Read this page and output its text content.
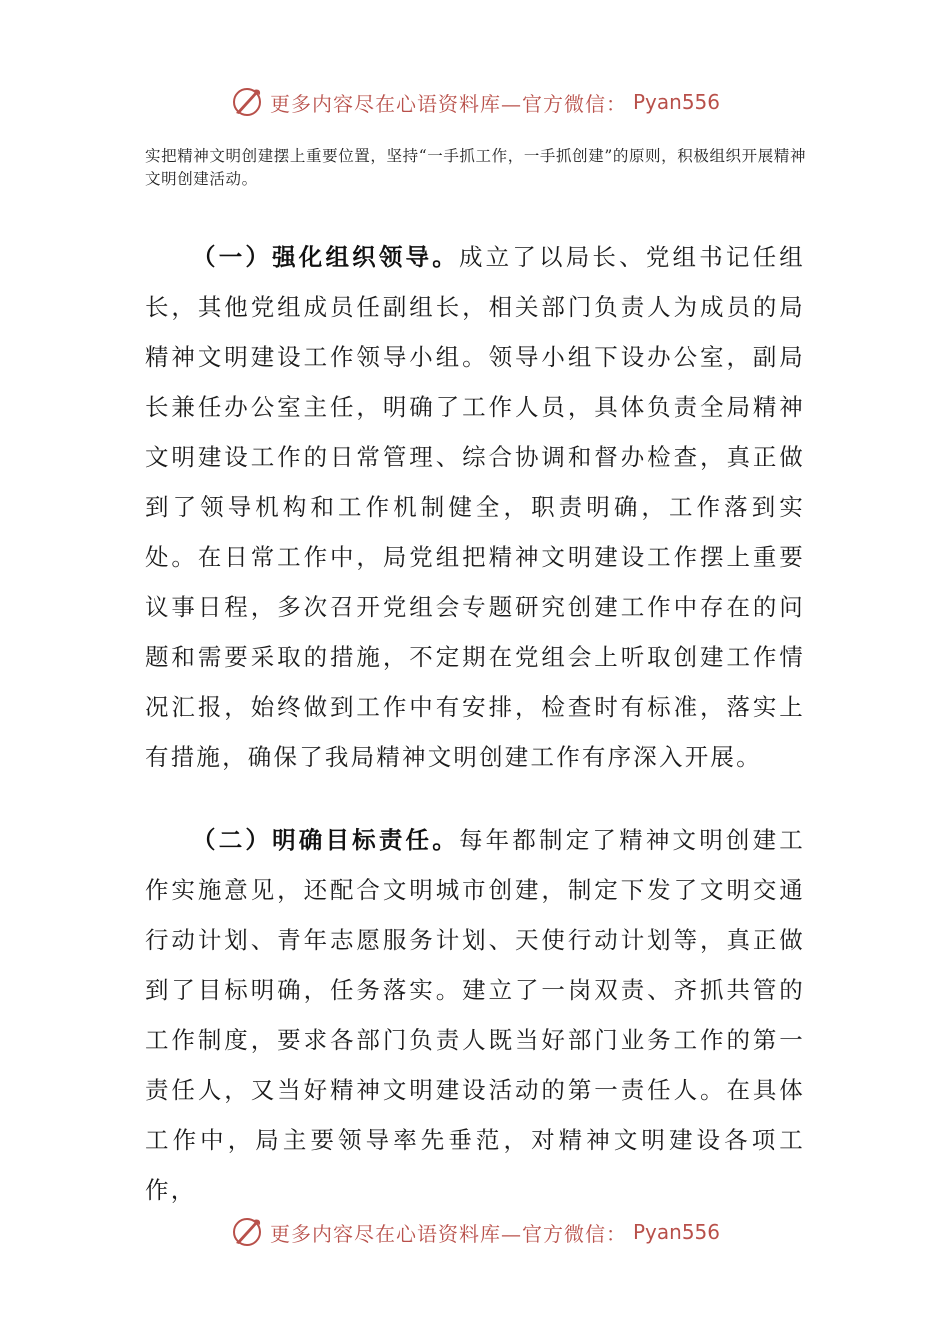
更多内容尽在心语资料库—官方微信： Pyan556
实把精神文明创建摆上重要位置，坚持“一手抓工作，一手抓创建”的原则，积极组织开展精神文明创建活动。
（一）强化组织领导。成立了以局长、党组书记任组长，其他党组成员任副组长，相关部门负责人为成员的局精神文明建设工作领导小组。领导小组下设办公室，副局长兼任办公室主任，明确了工作人员，具体负责全局精神文明建设工作的日常管理、综合协调和督办检查，真正做到了领导机构和工作机制健全，职责明确，工作落到实处。在日常工作中，局党组把精神文明建设工作摆上重要议事日程，多次召开党组会专题研究创建工作中存在的问题和需要采取的措施，不定期在党组会上听取创建工作情况汇报，始终做到工作中有安排，检查时有标准，落实上有措施，确保了我局精神文明创建工作有序深入开展。
（二）明确目标责任。每年都制定了精神文明创建工作实施意见，还配合文明城市创建，制定下发了文明交通行动计划、青年志愿服务计划、天使行动计划等，真正做到了目标明确，任务落实。建立了一岗双责、齐抓共管的工作制度，要求各部门负责人既当好部门业务工作的第一责任人，又当好精神文明建设活动的第一责任人。在具体工作中，局主要领导率先垂范，对精神文明建设各项工作，
更多内容尽在心语资料库—官方微信： Pyan556
